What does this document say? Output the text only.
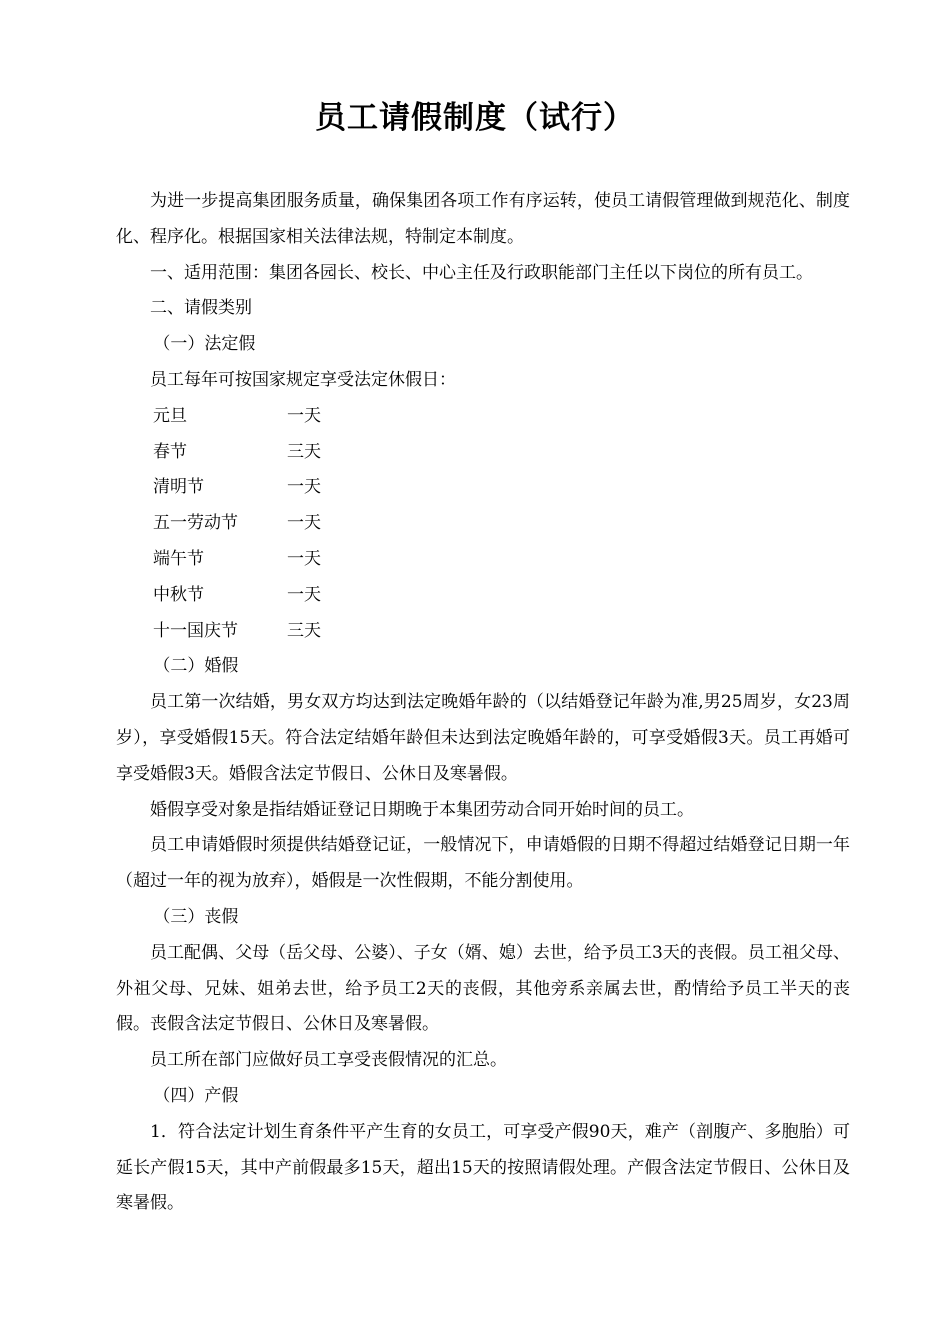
员工请假制度（试行）

为进一步提高集团服务质量，确保集团各项工作有序运转，使员工请假管理做到规范化、制度化、程序化。根据国家相关法律法规，特制定本制度。

一、适用范围：集团各园长、校长、中心主任及行政职能部门主任以下岗位的所有员工。

二、请假类别

（一）法定假

员工每年可按国家规定享受法定休假日：

元旦	一天
春节	三天
清明节	一天
五一劳动节	一天
端午节	一天
中秋节	一天
十一国庆节	三天

（二）婚假

员工第一次结婚，男女双方均达到法定晚婚年龄的（以结婚登记年龄为准,男25周岁，女23周岁），享受婚假15天。符合法定结婚年龄但未达到法定晚婚年龄的，可享受婚假3天。员工再婚可享受婚假3天。婚假含法定节假日、公休日及寒暑假。

婚假享受对象是指结婚证登记日期晚于本集团劳动合同开始时间的员工。

员工申请婚假时须提供结婚登记证，一般情况下，申请婚假的日期不得超过结婚登记日期一年（超过一年的视为放弃），婚假是一次性假期，不能分割使用。

（三）丧假

员工配偶、父母（岳父母、公婆）、子女（婿、媳）去世，给予员工3天的丧假。员工祖父母、外祖父母、兄妹、姐弟去世，给予员工2天的丧假，其他旁系亲属去世，酌情给予员工半天的丧假。丧假含法定节假日、公休日及寒暑假。

员工所在部门应做好员工享受丧假情况的汇总。

（四）产假

1．符合法定计划生育条件平产生育的女员工，可享受产假90天，难产（剖腹产、多胞胎）可延长产假15天，其中产前假最多15天，超出15天的按照请假处理。产假含法定节假日、公休日及寒暑假。
